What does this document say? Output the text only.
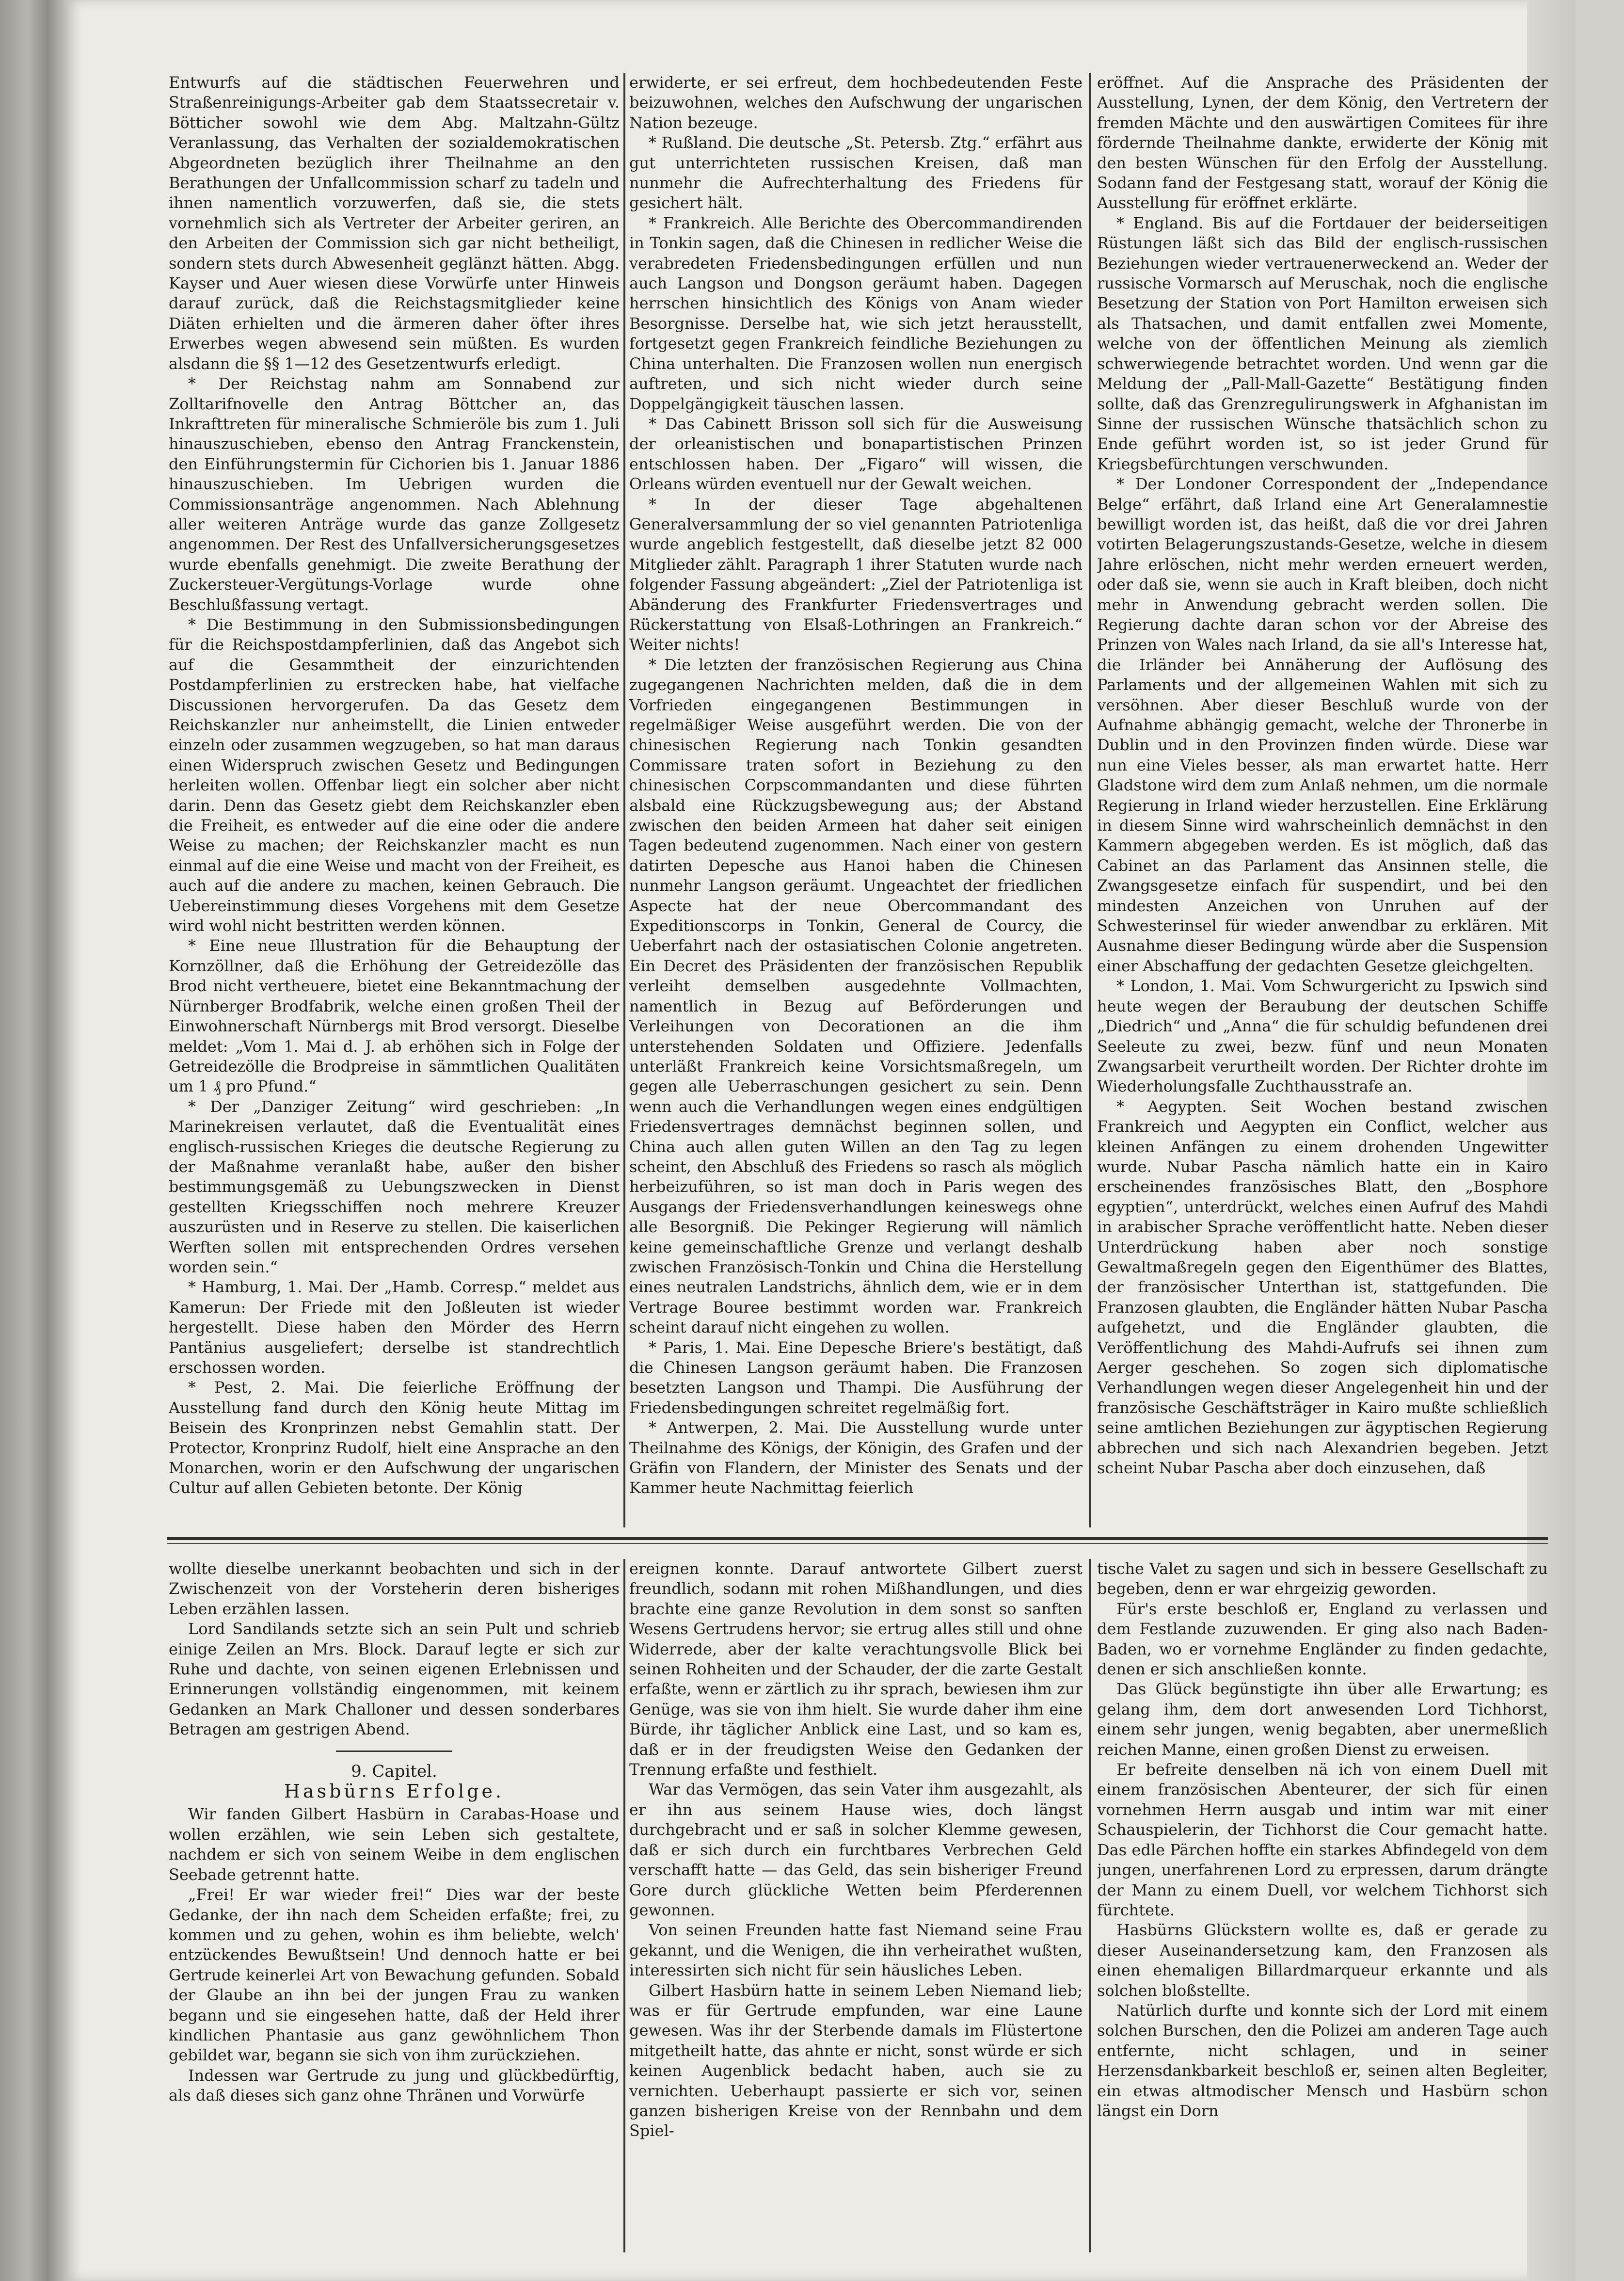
Entwurfs auf die städtischen Feuerwehren und Straßenreinigungs-Arbeiter gab dem Staatssecretair v. Bötticher sowohl wie dem Abg. Maltzahn-Gültz Veranlassung, das Verhalten der sozialdemokratischen Abgeordneten bezüglich ihrer Theilnahme an den Berathungen der Unfallcommission scharf zu tadeln und ihnen namentlich vorzuwerfen, daß sie, die stets vornehmlich sich als Vertreter der Arbeiter geriren, an den Arbeiten der Commission sich gar nicht betheiligt, sondern stets durch Abwesenheit geglänzt hätten. Abgg. Kayser und Auer wiesen diese Vorwürfe unter Hinweis darauf zurück, daß die Reichstagsmitglieder keine Diäten erhielten und die ärmeren daher öfter ihres Erwerbes wegen abwesend sein müßten. Es wurden alsdann die §§ 1—12 des Gesetzentwurfs erledigt.

* Der Reichstag nahm am Sonnabend zur Zolltarifnovelle den Antrag Böttcher an, das Inkrafttreten für mineralische Schmieröle bis zum 1. Juli hinauszuschieben, ebenso den Antrag Franckenstein, den Einführungstermin für Cichorien bis 1. Januar 1886 hinauszuschieben. Im Uebrigen wurden die Commissionsanträge angenommen. Nach Ablehnung aller weiteren Anträge wurde das ganze Zollgesetz angenommen. Der Rest des Unfallversicherungsgesetzes wurde ebenfalls genehmigt. Die zweite Berathung der Zuckersteuer-Vergütungs-Vorlage wurde ohne Beschlußfassung vertagt.

* Die Bestimmung in den Submissionsbedingungen für die Reichspostdampferlinien, daß das Angebot sich auf die Gesammtheit der einzurichtenden Postdampferlinien zu erstrecken habe, hat vielfache Discussionen hervorgerufen. Da das Gesetz dem Reichskanzler nur anheimstellt, die Linien entweder einzeln oder zusammen wegzugeben, so hat man daraus einen Widerspruch zwischen Gesetz und Bedingungen herleiten wollen. Offenbar liegt ein solcher aber nicht darin. Denn das Gesetz giebt dem Reichskanzler eben die Freiheit, es entweder auf die eine oder die andere Weise zu machen; der Reichskanzler macht es nun einmal auf die eine Weise und macht von der Freiheit, es auch auf die andere zu machen, keinen Gebrauch. Die Uebereinstimmung dieses Vorgehens mit dem Gesetze wird wohl nicht bestritten werden können.

* Eine neue Illustration für die Behauptung der Kornzöllner, daß die Erhöhung der Getreidezölle das Brod nicht vertheuere, bietet eine Bekanntmachung der Nürnberger Brodfabrik, welche einen großen Theil der Einwohnerschaft Nürnbergs mit Brod versorgt. Dieselbe meldet: „Vom 1. Mai d. J. ab erhöhen sich in Folge der Getreidezölle die Brodpreise in sämmtlichen Qualitäten um 1 ₰ pro Pfund.“

* Der „Danziger Zeitung“ wird geschrieben: „In Marinekreisen verlautet, daß die Eventualität eines englisch-russischen Krieges die deutsche Regierung zu der Maßnahme veranlaßt habe, außer den bisher bestimmungsgemäß zu Uebungszwecken in Dienst gestellten Kriegsschiffen noch mehrere Kreuzer auszurüsten und in Reserve zu stellen. Die kaiserlichen Werften sollen mit entsprechenden Ordres versehen worden sein.“

* Hamburg, 1. Mai. Der „Hamb. Corresp.“ meldet aus Kamerun: Der Friede mit den Joßleuten ist wieder hergestellt. Diese haben den Mörder des Herrn Pantänius ausgeliefert; derselbe ist standrechtlich erschossen worden.

* Pest, 2. Mai. Die feierliche Eröffnung der Ausstellung fand durch den König heute Mittag im Beisein des Kronprinzen nebst Gemahlin statt. Der Protector, Kronprinz Rudolf, hielt eine Ansprache an den Monarchen, worin er den Aufschwung der ungarischen Cultur auf allen Gebieten betonte. Der König

erwiderte, er sei erfreut, dem hochbedeutenden Feste beizuwohnen, welches den Aufschwung der ungarischen Nation bezeuge.

* Rußland. Die deutsche „St. Petersb. Ztg.“ erfährt aus gut unterrichteten russischen Kreisen, daß man nunmehr die Aufrechterhaltung des Friedens für gesichert hält.

* Frankreich. Alle Berichte des Obercommandirenden in Tonkin sagen, daß die Chinesen in redlicher Weise die verabredeten Friedensbedingungen erfüllen und nun auch Langson und Dongson geräumt haben. Dagegen herrschen hinsichtlich des Königs von Anam wieder Besorgnisse. Derselbe hat, wie sich jetzt herausstellt, fortgesetzt gegen Frankreich feindliche Beziehungen zu China unterhalten. Die Franzosen wollen nun energisch auftreten, und sich nicht wieder durch seine Doppelgängigkeit täuschen lassen.

* Das Cabinett Brisson soll sich für die Ausweisung der orleanistischen und bonapartistischen Prinzen entschlossen haben. Der „Figaro“ will wissen, die Orleans würden eventuell nur der Gewalt weichen.

* In der dieser Tage abgehaltenen Generalversammlung der so viel genannten Patriotenliga wurde angeblich festgestellt, daß dieselbe jetzt 82 000 Mitglieder zählt. Paragraph 1 ihrer Statuten wurde nach folgender Fassung abgeändert: „Ziel der Patriotenliga ist Abänderung des Frankfurter Friedensvertrages und Rückerstattung von Elsaß-Lothringen an Frankreich.“ Weiter nichts!

* Die letzten der französischen Regierung aus China zugegangenen Nachrichten melden, daß die in dem Vorfrieden eingegangenen Bestimmungen in regelmäßiger Weise ausgeführt werden. Die von der chinesischen Regierung nach Tonkin gesandten Commissare traten sofort in Beziehung zu den chinesischen Corpscommandanten und diese führten alsbald eine Rückzugsbewegung aus; der Abstand zwischen den beiden Armeen hat daher seit einigen Tagen bedeutend zugenommen. Nach einer von gestern datirten Depesche aus Hanoi haben die Chinesen nunmehr Langson geräumt. Ungeachtet der friedlichen Aspecte hat der neue Obercommandant des Expeditionscorps in Tonkin, General de Courcy, die Ueberfahrt nach der ostasiatischen Colonie angetreten. Ein Decret des Präsidenten der französischen Republik verleiht demselben ausgedehnte Vollmachten, namentlich in Bezug auf Beförderungen und Verleihungen von Decorationen an die ihm unterstehenden Soldaten und Offiziere. Jedenfalls unterläßt Frankreich keine Vorsichtsmaßregeln, um gegen alle Ueberraschungen gesichert zu sein. Denn wenn auch die Verhandlungen wegen eines endgültigen Friedensvertrages demnächst beginnen sollen, und China auch allen guten Willen an den Tag zu legen scheint, den Abschluß des Friedens so rasch als möglich herbeizuführen, so ist man doch in Paris wegen des Ausgangs der Friedensverhandlungen keineswegs ohne alle Besorgniß. Die Pekinger Regierung will nämlich keine gemeinschaftliche Grenze und verlangt deshalb zwischen Französisch-Tonkin und China die Herstellung eines neutralen Landstrichs, ähnlich dem, wie er in dem Vertrage Bouree bestimmt worden war. Frankreich scheint darauf nicht eingehen zu wollen.

* Paris, 1. Mai. Eine Depesche Briere's bestätigt, daß die Chinesen Langson geräumt haben. Die Franzosen besetzten Langson und Thampi. Die Ausführung der Friedensbedingungen schreitet regelmäßig fort.

* Antwerpen, 2. Mai. Die Ausstellung wurde unter Theilnahme des Königs, der Königin, des Grafen und der Gräfin von Flandern, der Minister des Senats und der Kammer heute Nachmittag feierlich

eröffnet. Auf die Ansprache des Präsidenten der Ausstellung, Lynen, der dem König, den Vertretern der fremden Mächte und den auswärtigen Comitees für ihre fördernde Theilnahme dankte, erwiderte der König mit den besten Wünschen für den Erfolg der Ausstellung. Sodann fand der Festgesang statt, worauf der König die Ausstellung für eröffnet erklärte.

* England. Bis auf die Fortdauer der beiderseitigen Rüstungen läßt sich das Bild der englisch-russischen Beziehungen wieder vertrauenerweckend an. Weder der russische Vormarsch auf Meruschak, noch die englische Besetzung der Station von Port Hamilton erweisen sich als Thatsachen, und damit entfallen zwei Momente, welche von der öffentlichen Meinung als ziemlich schwerwiegende betrachtet worden. Und wenn gar die Meldung der „Pall-Mall-Gazette“ Bestätigung finden sollte, daß das Grenzregulirungswerk in Afghanistan im Sinne der russischen Wünsche thatsächlich schon zu Ende geführt worden ist, so ist jeder Grund für Kriegsbefürchtungen verschwunden.

* Der Londoner Correspondent der „Independance Belge“ erfährt, daß Irland eine Art Generalamnestie bewilligt worden ist, das heißt, daß die vor drei Jahren votirten Belagerungszustands-Gesetze, welche in diesem Jahre erlöschen, nicht mehr werden erneuert werden, oder daß sie, wenn sie auch in Kraft bleiben, doch nicht mehr in Anwendung gebracht werden sollen. Die Regierung dachte daran schon vor der Abreise des Prinzen von Wales nach Irland, da sie all's Interesse hat, die Irländer bei Annäherung der Auflösung des Parlaments und der allgemeinen Wahlen mit sich zu versöhnen. Aber dieser Beschluß wurde von der Aufnahme abhängig gemacht, welche der Thronerbe in Dublin und in den Provinzen finden würde. Diese war nun eine Vieles besser, als man erwartet hatte. Herr Gladstone wird dem zum Anlaß nehmen, um die normale Regierung in Irland wieder herzustellen. Eine Erklärung in diesem Sinne wird wahrscheinlich demnächst in den Kammern abgegeben werden. Es ist möglich, daß das Cabinet an das Parlament das Ansinnen stelle, die Zwangsgesetze einfach für suspendirt, und bei den mindesten Anzeichen von Unruhen auf der Schwesterinsel für wieder anwendbar zu erklären. Mit Ausnahme dieser Bedingung würde aber die Suspension einer Abschaffung der gedachten Gesetze gleichgelten.

* London, 1. Mai. Vom Schwurgericht zu Ipswich sind heute wegen der Beraubung der deutschen Schiffe „Diedrich“ und „Anna“ die für schuldig befundenen drei Seeleute zu zwei, bezw. fünf und neun Monaten Zwangsarbeit verurtheilt worden. Der Richter drohte im Wiederholungsfalle Zuchthausstrafe an.

* Aegypten. Seit Wochen bestand zwischen Frankreich und Aegypten ein Conflict, welcher aus kleinen Anfängen zu einem drohenden Ungewitter wurde. Nubar Pascha nämlich hatte ein in Kairo erscheinendes französisches Blatt, den „Bosphore egyptien“, unterdrückt, welches einen Aufruf des Mahdi in arabischer Sprache veröffentlicht hatte. Neben dieser Unterdrückung haben aber noch sonstige Gewaltmaßregeln gegen den Eigenthümer des Blattes, der französischer Unterthan ist, stattgefunden. Die Franzosen glaubten, die Engländer hätten Nubar Pascha aufgehetzt, und die Engländer glaubten, die Veröffentlichung des Mahdi-Aufrufs sei ihnen zum Aerger geschehen. So zogen sich diplomatische Verhandlungen wegen dieser Angelegenheit hin und der französische Geschäftsträger in Kairo mußte schließlich seine amtlichen Beziehungen zur ägyptischen Regierung abbrechen und sich nach Alexandrien begeben. Jetzt scheint Nubar Pascha aber doch einzusehen, daß

wollte dieselbe unerkannt beobachten und sich in der Zwischenzeit von der Vorsteherin deren bisheriges Leben erzählen lassen.

Lord Sandilands setzte sich an sein Pult und schrieb einige Zeilen an Mrs. Block. Darauf legte er sich zur Ruhe und dachte, von seinen eigenen Erlebnissen und Erinnerungen vollständig eingenommen, mit keinem Gedanken an Mark Challoner und dessen sonderbares Betragen am gestrigen Abend.

9. Capitel.

Hasbürns Erfolge.

Wir fanden Gilbert Hasbürn in Carabas-Hoase und wollen erzählen, wie sein Leben sich gestaltete, nachdem er sich von seinem Weibe in dem englischen Seebade getrennt hatte.

„Frei! Er war wieder frei!“ Dies war der beste Gedanke, der ihn nach dem Scheiden erfaßte; frei, zu kommen und zu gehen, wohin es ihm beliebte, welch' entzückendes Bewußtsein! Und dennoch hatte er bei Gertrude keinerlei Art von Bewachung gefunden. Sobald der Glaube an ihn bei der jungen Frau zu wanken begann und sie eingesehen hatte, daß der Held ihrer kindlichen Phantasie aus ganz gewöhnlichem Thon gebildet war, begann sie sich von ihm zurückziehen.

Indessen war Gertrude zu jung und glückbedürftig, als daß dieses sich ganz ohne Thränen und Vorwürfe

ereignen konnte. Darauf antwortete Gilbert zuerst freundlich, sodann mit rohen Mißhandlungen, und dies brachte eine ganze Revolution in dem sonst so sanften Wesens Gertrudens hervor; sie ertrug alles still und ohne Widerrede, aber der kalte verachtungsvolle Blick bei seinen Rohheiten und der Schauder, der die zarte Gestalt erfaßte, wenn er zärtlich zu ihr sprach, bewiesen ihm zur Genüge, was sie von ihm hielt. Sie wurde daher ihm eine Bürde, ihr täglicher Anblick eine Last, und so kam es, daß er in der freudigsten Weise den Gedanken der Trennung erfaßte und festhielt.

War das Vermögen, das sein Vater ihm ausgezahlt, als er ihn aus seinem Hause wies, doch längst durchgebracht und er saß in solcher Klemme gewesen, daß er sich durch ein furchtbares Verbrechen Geld verschafft hatte — das Geld, das sein bisheriger Freund Gore durch glückliche Wetten beim Pferderennen gewonnen.

Von seinen Freunden hatte fast Niemand seine Frau gekannt, und die Wenigen, die ihn verheirathet wußten, interessirten sich nicht für sein häusliches Leben.

Gilbert Hasbürn hatte in seinem Leben Niemand lieb; was er für Gertrude empfunden, war eine Laune gewesen. Was ihr der Sterbende damals im Flüstertone mitgetheilt hatte, das ahnte er nicht, sonst würde er sich keinen Augenblick bedacht haben, auch sie zu vernichten. Ueberhaupt passierte er sich vor, seinen ganzen bisherigen Kreise von der Rennbahn und dem Spiel-

tische Valet zu sagen und sich in bessere Gesellschaft zu begeben, denn er war ehrgeizig geworden.

Für's erste beschloß er, England zu verlassen und dem Festlande zuzuwenden. Er ging also nach Baden-Baden, wo er vornehme Engländer zu finden gedachte, denen er sich anschließen konnte.

Das Glück begünstigte ihn über alle Erwartung; es gelang ihm, dem dort anwesenden Lord Tichhorst, einem sehr jungen, wenig begabten, aber unermeßlich reichen Manne, einen großen Dienst zu erweisen.

Er befreite denselben nä ich von einem Duell mit einem französischen Abenteurer, der sich für einen vornehmen Herrn ausgab und intim war mit einer Schauspielerin, der Tichhorst die Cour gemacht hatte. Das edle Pärchen hoffte ein starkes Abfindegeld von dem jungen, unerfahrenen Lord zu erpressen, darum drängte der Mann zu einem Duell, vor welchem Tichhorst sich fürchtete.

Hasbürns Glückstern wollte es, daß er gerade zu dieser Auseinandersetzung kam, den Franzosen als einen ehemaligen Billardmarqueur erkannte und als solchen bloßstellte.

Natürlich durfte und konnte sich der Lord mit einem solchen Burschen, den die Polizei am anderen Tage auch entfernte, nicht schlagen, und in seiner Herzensdankbarkeit beschloß er, seinen alten Begleiter, ein etwas altmodischer Mensch und Hasbürn schon längst ein Dorn
